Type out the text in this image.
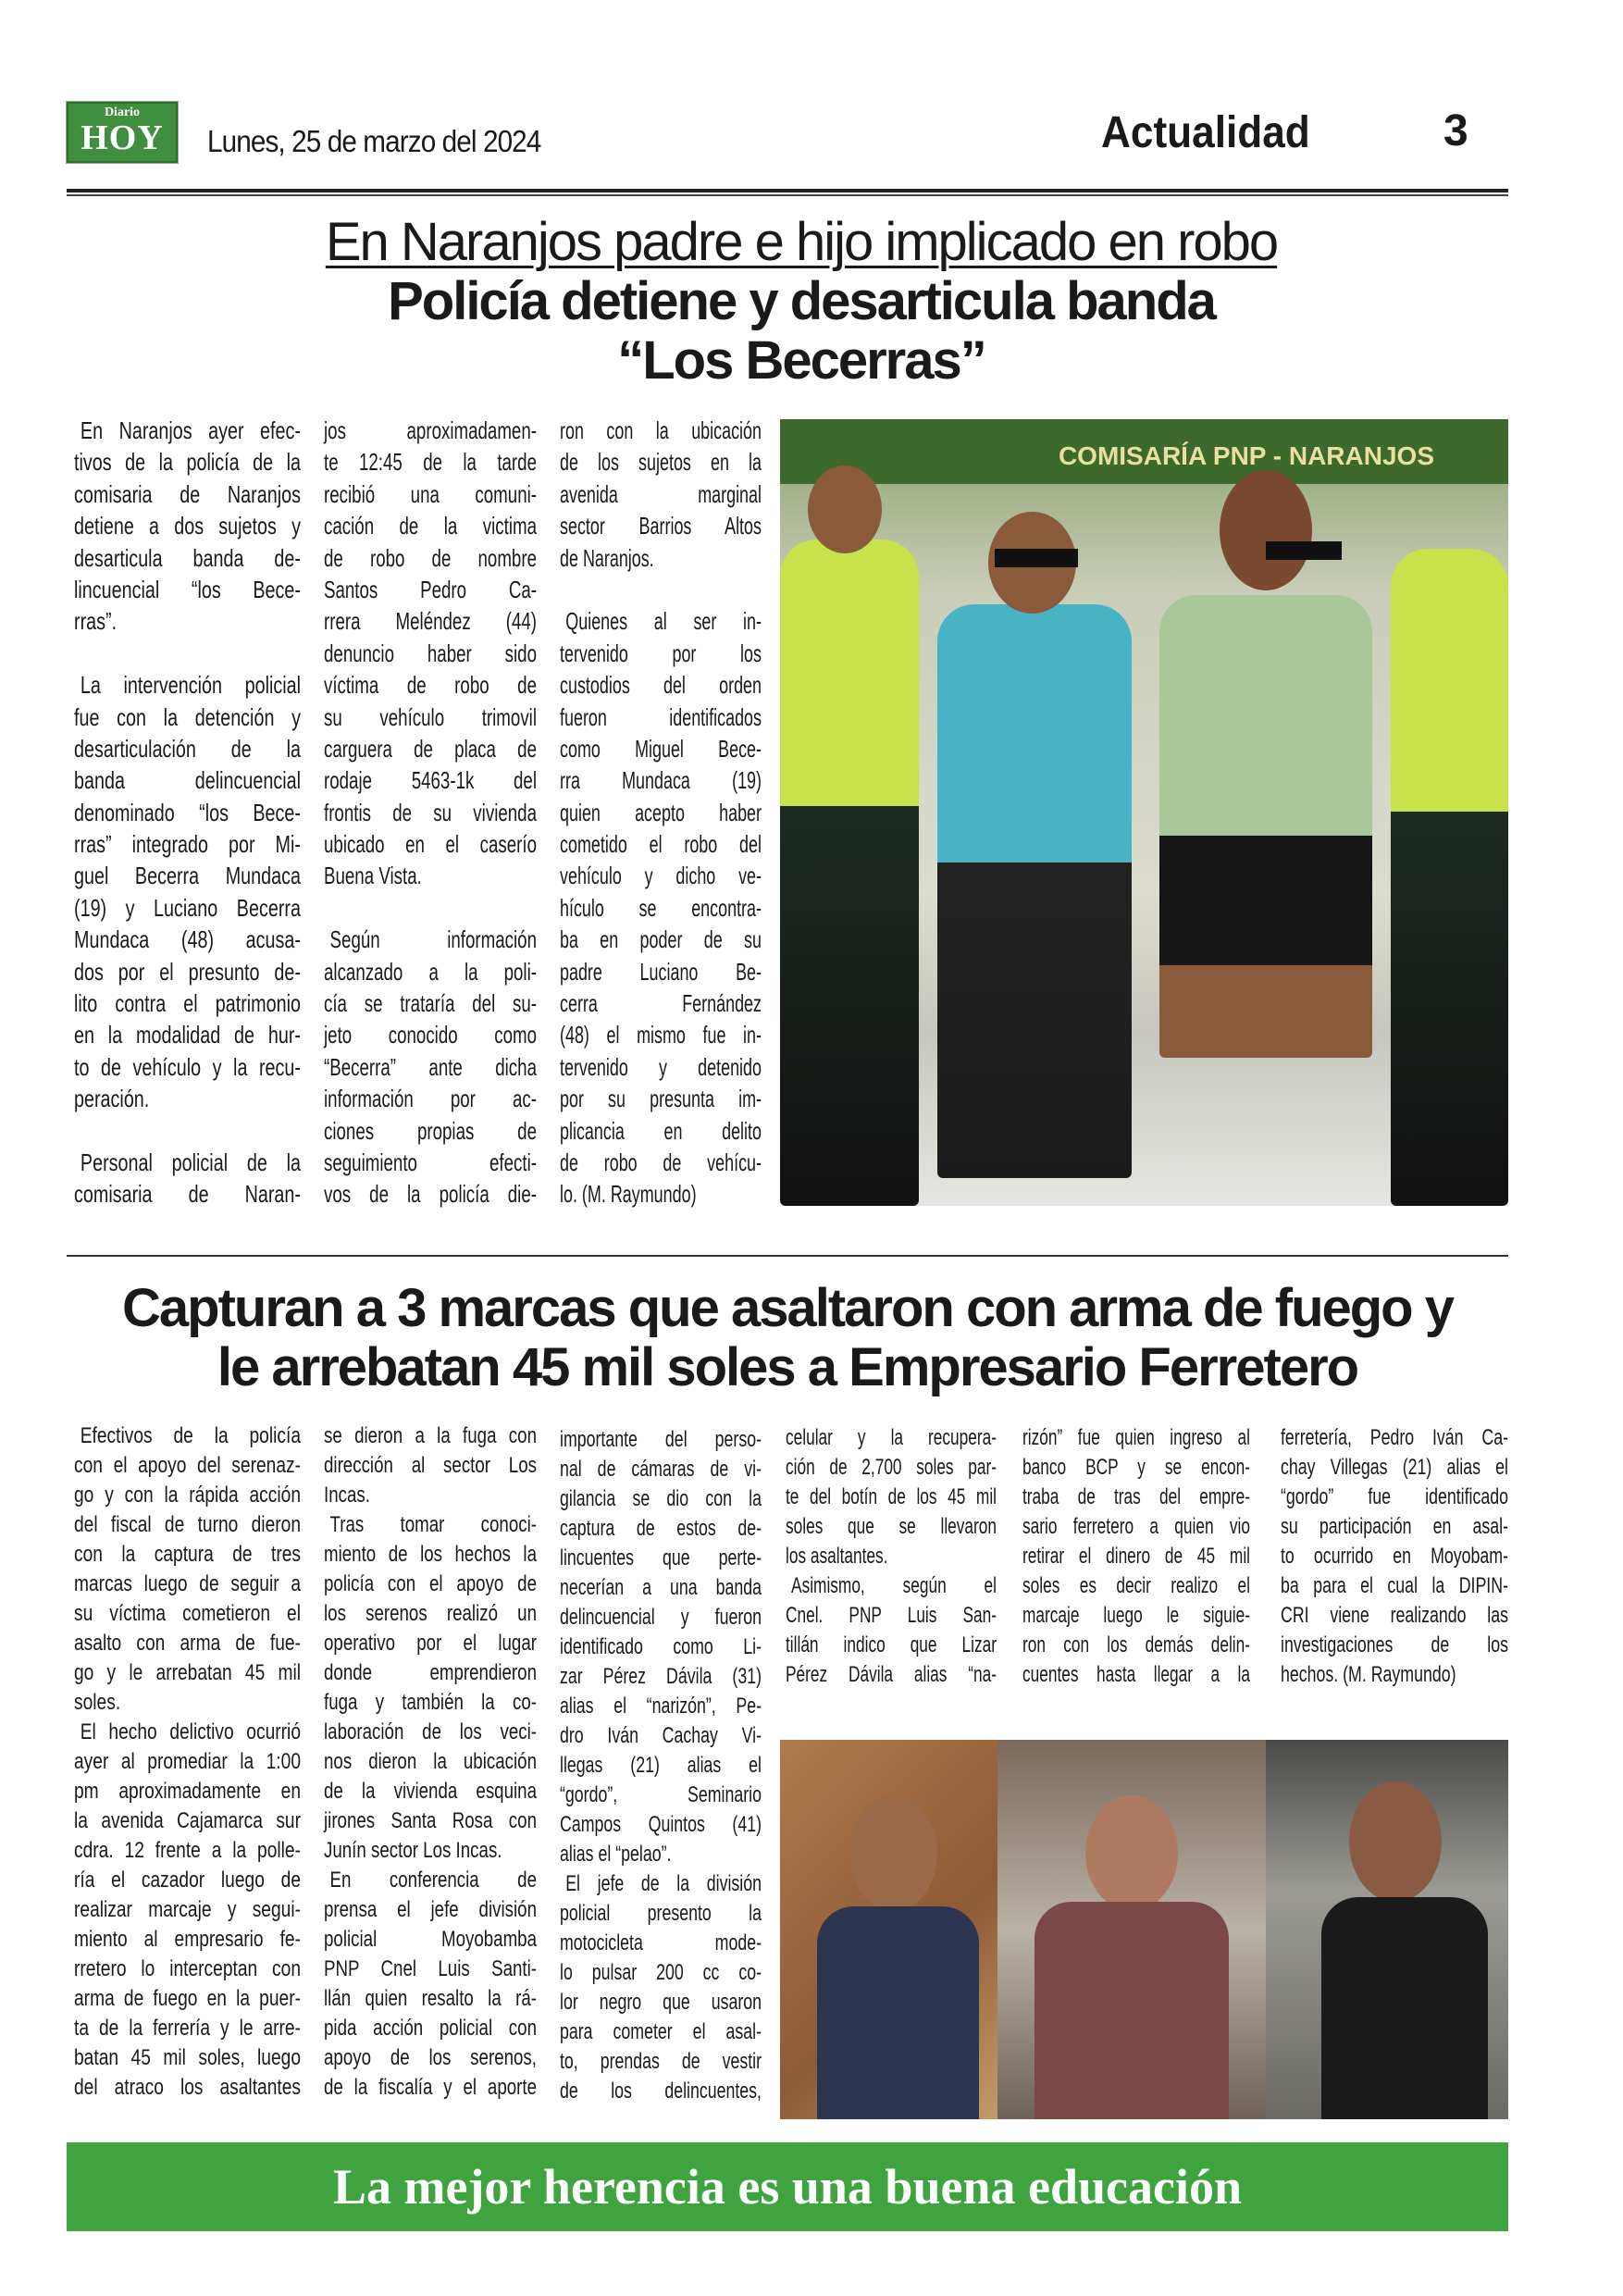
Diario
HOY	Lunes, 25 de marzo del 2024	Actualidad	3
En Naranjos padre e hijo implicado en robo
Policía detiene y desarticula banda
“Los Becerras”
En Naranjos ayer efec-
tivos de la policía de la
comisaria de Naranjos
detiene a dos sujetos y
desarticula banda de-
lincuencial “los Bece-
rras”.
La intervención policial
fue con la detención y
desarticulación de la
banda delincuencial
denominado “los Bece-
rras” integrado por Mi-
guel Becerra Mundaca
(19) y Luciano Becerra
Mundaca (48) acusa-
dos por el presunto de-
lito contra el patrimonio
en la modalidad de hur-
to de vehículo y la recu-
peración.
Personal policial de la
comisaria de Naran-
jos aproximadamen-
te 12:45 de la tarde
recibió una comuni-
cación de la victima
de robo de nombre
Santos Pedro Ca-
rrera Meléndez (44)
denuncio haber sido
víctima de robo de
su vehículo trimovil
carguera de placa de
rodaje 5463-1k del
frontis de su vivienda
ubicado en el caserío
Buena Vista.
Según información
alcanzado a la poli-
cía se trataría del su-
jeto conocido como
“Becerra” ante dicha
información por ac-
ciones propias de
seguimiento efecti-
vos de la policía die-
ron con la ubicación
de los sujetos en la
avenida marginal
sector Barrios Altos
de Naranjos.
Quienes al ser in-
tervenido por los
custodios del orden
fueron identificados
como Miguel Bece-
rra Mundaca (19)
quien acepto haber
cometido el robo del
vehículo y dicho ve-
hículo se encontra-
ba en poder de su
padre Luciano Be-
cerra Fernández
(48) el mismo fue in-
tervenido y detenido
por su presunta im-
plicancia en delito
de robo de vehícu-
lo. (M. Raymundo)
COMISARÍA PNP - NARANJOS
Capturan a 3 marcas que asaltaron con arma de fuego y
le arrebatan 45 mil soles a Empresario Ferretero
Efectivos de la policía
con el apoyo del serenaz-
go y con la rápida acción
del fiscal de turno dieron
con la captura de tres
marcas luego de seguir a
su víctima cometieron el
asalto con arma de fue-
go y le arrebatan 45 mil
soles.
El hecho delictivo ocurrió
ayer al promediar la 1:00
pm aproximadamente en
la avenida Cajamarca sur
cdra. 12 frente a la polle-
ría el cazador luego de
realizar marcaje y segui-
miento al empresario fe-
rretero lo interceptan con
arma de fuego en la puer-
ta de la ferrería y le arre-
batan 45 mil soles, luego
del atraco los asaltantes
se dieron a la fuga con
dirección al sector Los
Incas.
Tras tomar conoci-
miento de los hechos la
policía con el apoyo de
los serenos realizó un
operativo por el lugar
donde emprendieron
fuga y también la co-
laboración de los veci-
nos dieron la ubicación
de la vivienda esquina
jirones Santa Rosa con
Junín sector Los Incas.
En conferencia de
prensa el jefe división
policial Moyobamba
PNP Cnel Luis Santi-
llán quien resalto la rá-
pida acción policial con
apoyo de los serenos,
de la fiscalía y el aporte
importante del perso-
nal de cámaras de vi-
gilancia se dio con la
captura de estos de-
lincuentes que perte-
necerían a una banda
delincuencial y fueron
identificado como Li-
zar Pérez Dávila (31)
alias el “narizón”, Pe-
dro Iván Cachay Vi-
llegas (21) alias el
“gordo”, Seminario
Campos Quintos (41)
alias el “pelao”.
El jefe de la división
policial presento la
motocicleta mode-
lo pulsar 200 cc co-
lor negro que usaron
para cometer el asal-
to, prendas de vestir
de los delincuentes,
celular y la recupera-
ción de 2,700 soles par-
te del botín de los 45 mil
soles que se llevaron
los asaltantes.
Asimismo, según el
Cnel. PNP Luis San-
tillán indico que Lizar
Pérez Dávila alias “na-
rizón” fue quien ingreso al
banco BCP y se encon-
traba de tras del empre-
sario ferretero a quien vio
retirar el dinero de 45 mil
soles es decir realizo el
marcaje luego le siguie-
ron con los demás delin-
cuentes hasta llegar a la
ferretería, Pedro Iván Ca-
chay Villegas (21) alias el
“gordo” fue identificado
su participación en asal-
to ocurrido en Moyobam-
ba para el cual la DIPIN-
CRI viene realizando las
investigaciones de los
hechos. (M. Raymundo)
La mejor herencia es una buena educación
